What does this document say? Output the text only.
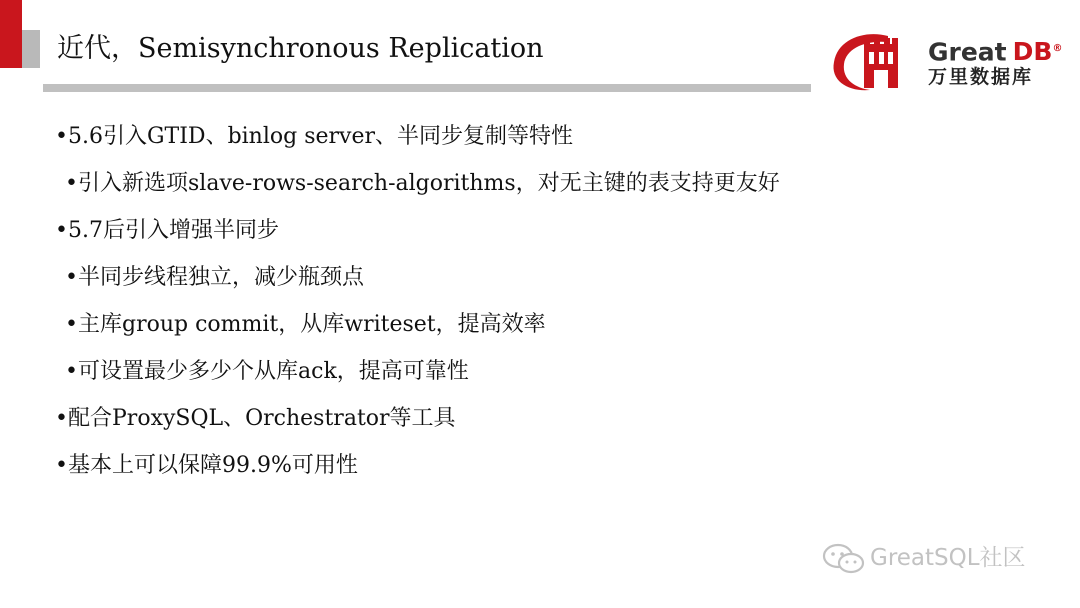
近代，Semisynchronous Replication	Great DB®
万里数据库
•5.6引入GTID、binlog server、半同步复制等特性
•引入新选项slave-rows-search-algorithms，对无主键的表支持更友好
•5.7后引入增强半同步
•半同步线程独立，减少瓶颈点
•主库group commit，从库writeset，提高效率
•可设置最少多少个从库ack，提高可靠性
•配合ProxySQL、Orchestrator等工具
•基本上可以保障99.9%可用性
GreatSQL社区
